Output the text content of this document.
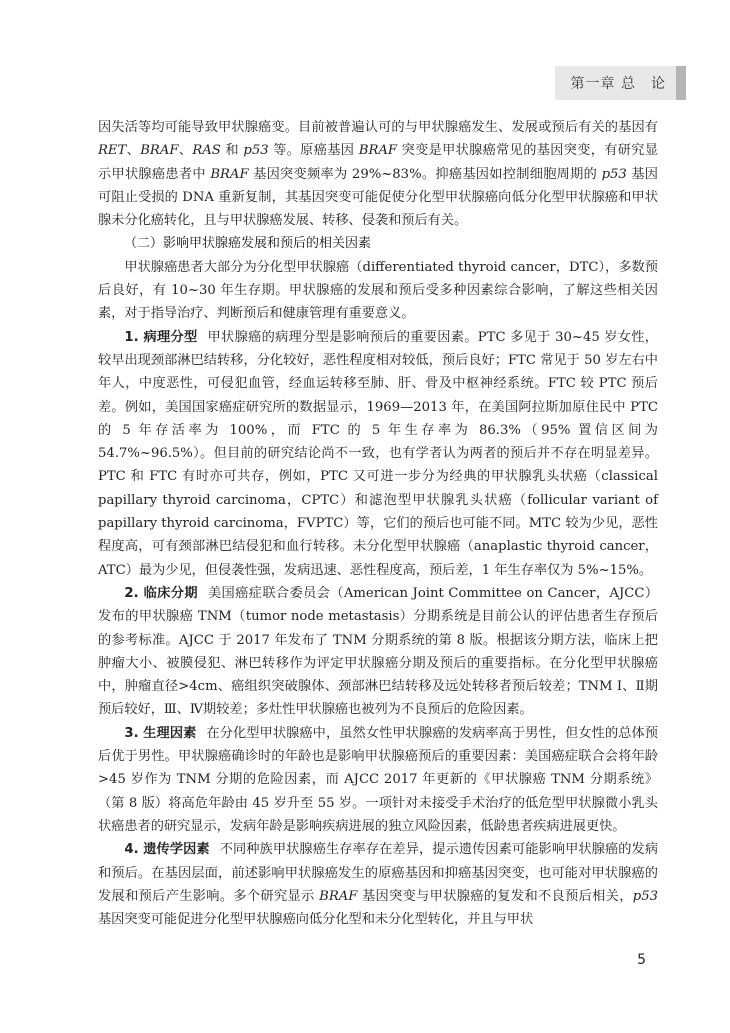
第一章 总　论

因失活等均可能导致甲状腺癌变。目前被普遍认可的与甲状腺癌发生、发展或预后有关的基因有 RET、BRAF、RAS 和 p53 等。原癌基因 BRAF 突变是甲状腺癌常见的基因突变，有研究显示甲状腺癌患者中 BRAF 基因突变频率为 29%~83%。抑癌基因如控制细胞周期的 p53 基因可阻止受损的 DNA 重新复制，其基因突变可能促使分化型甲状腺癌向低分化型甲状腺癌和甲状腺未分化癌转化，且与甲状腺癌发展、转移、侵袭和预后有关。

（二）影响甲状腺癌发展和预后的相关因素

甲状腺癌患者大部分为分化型甲状腺癌（differentiated thyroid cancer，DTC），多数预后良好，有 10~30 年生存期。甲状腺癌的发展和预后受多种因素综合影响，了解这些相关因素，对于指导治疗、判断预后和健康管理有重要意义。

1. 病理分型 甲状腺癌的病理分型是影响预后的重要因素。PTC 多见于 30~45 岁女性，较早出现颈部淋巴结转移，分化较好，恶性程度相对较低，预后良好；FTC 常见于 50 岁左右中年人，中度恶性，可侵犯血管，经血运转移至肺、肝、骨及中枢神经系统。FTC 较 PTC 预后差。例如，美国国家癌症研究所的数据显示，1969—2013 年，在美国阿拉斯加原住民中 PTC 的 5 年存活率为 100%，而 FTC 的 5 年生存率为 86.3%（95% 置信区间为 54.7%~96.5%）。但目前的研究结论尚不一致，也有学者认为两者的预后并不存在明显差异。PTC 和 FTC 有时亦可共存，例如，PTC 又可进一步分为经典的甲状腺乳头状癌（classical papillary thyroid carcinoma，CPTC）和滤泡型甲状腺乳头状癌（follicular variant of papillary thyroid carcinoma，FVPTC）等，它们的预后也可能不同。MTC 较为少见，恶性程度高，可有颈部淋巴结侵犯和血行转移。未分化型甲状腺癌（anaplastic thyroid cancer，ATC）最为少见，但侵袭性强，发病迅速、恶性程度高，预后差，1 年生存率仅为 5%~15%。

2. 临床分期 美国癌症联合委员会（American Joint Committee on Cancer，AJCC）发布的甲状腺癌 TNM（tumor node metastasis）分期系统是目前公认的评估患者生存预后的参考标准。AJCC 于 2017 年发布了 TNM 分期系统的第 8 版。根据该分期方法，临床上把肿瘤大小、被膜侵犯、淋巴转移作为评定甲状腺癌分期及预后的重要指标。在分化型甲状腺癌中，肿瘤直径>4cm、癌组织突破腺体、颈部淋巴结转移及远处转移者预后较差；TNM Ⅰ、Ⅱ期预后较好，Ⅲ、Ⅳ期较差；多灶性甲状腺癌也被列为不良预后的危险因素。

3. 生理因素 在分化型甲状腺癌中，虽然女性甲状腺癌的发病率高于男性，但女性的总体预后优于男性。甲状腺癌确诊时的年龄也是影响甲状腺癌预后的重要因素：美国癌症联合会将年龄>45 岁作为 TNM 分期的危险因素，而 AJCC 2017 年更新的《甲状腺癌 TNM 分期系统》（第 8 版）将高危年龄由 45 岁升至 55 岁。一项针对未接受手术治疗的低危型甲状腺微小乳头状癌患者的研究显示，发病年龄是影响疾病进展的独立风险因素，低龄患者疾病进展更快。

4. 遗传学因素 不同种族甲状腺癌生存率存在差异，提示遗传因素可能影响甲状腺癌的发病和预后。在基因层面，前述影响甲状腺癌发生的原癌基因和抑癌基因突变，也可能对甲状腺癌的发展和预后产生影响。多个研究显示 BRAF 基因突变与甲状腺癌的复发和不良预后相关，p53 基因突变可能促进分化型甲状腺癌向低分化型和未分化型转化，并且与甲状

5
